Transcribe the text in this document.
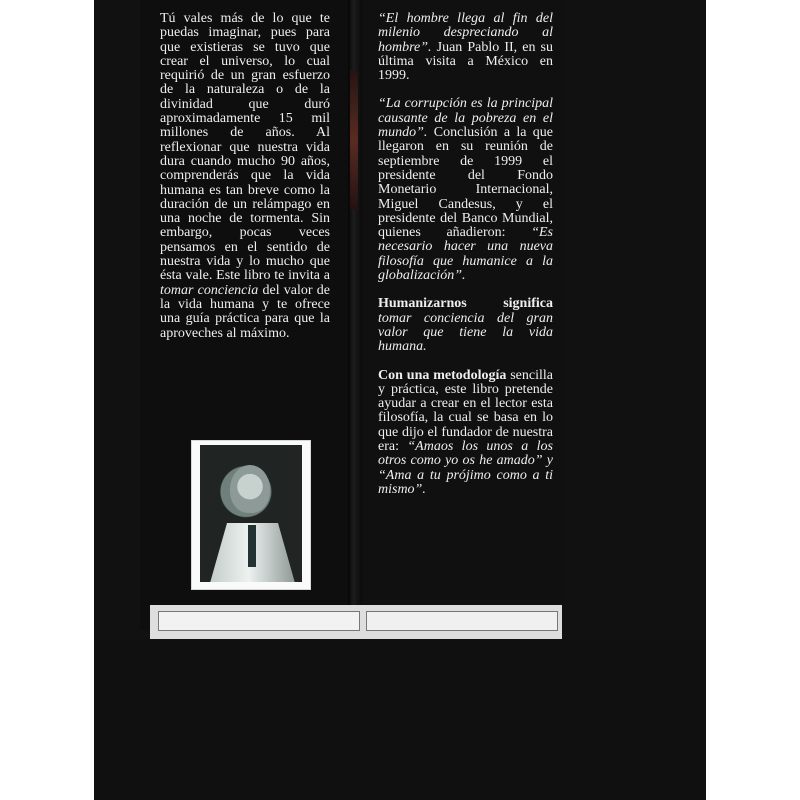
Tú vales más de lo que te puedas imaginar, pues para que existieras se tuvo que crear el universo, lo cual requirió de un gran esfuerzo de la naturaleza o de la divinidad que duró aproximadamente 15 mil millones de años. Al reflexionar que nuestra vida dura cuando mucho 90 años, comprenderás que la vida humana es tan breve como la duración de un relámpago en una noche de tormenta. Sin embargo, pocas veces pensamos en el sentido de nuestra vida y lo mucho que ésta vale. Este libro te invita a tomar conciencia del valor de la vida humana y te ofrece una guía práctica para que la aproveches al máximo.

“El hombre llega al fin del milenio despreciando al hombre”. Juan Pablo II, en su última visita a México en 1999.

“La corrupción es la principal causante de la pobreza en el mundo”. Conclusión a la que llegaron en su reunión de septiembre de 1999 el presidente del Fondo Monetario Internacional, Miguel Candesus, y el presidente del Banco Mundial, quienes añadieron: “Es necesario hacer una nueva filosofía que humanice a la globalización”.

Humanizarnos significa tomar conciencia del gran valor que tiene la vida humana.

Con una metodología sencilla y práctica, este libro pretende ayudar a crear en el lector esta filosofía, la cual se basa en lo que dijo el fundador de nuestra era: “Amaos los unos a los otros como yo os he amado” y “Ama a tu prójimo como a ti mismo”.
